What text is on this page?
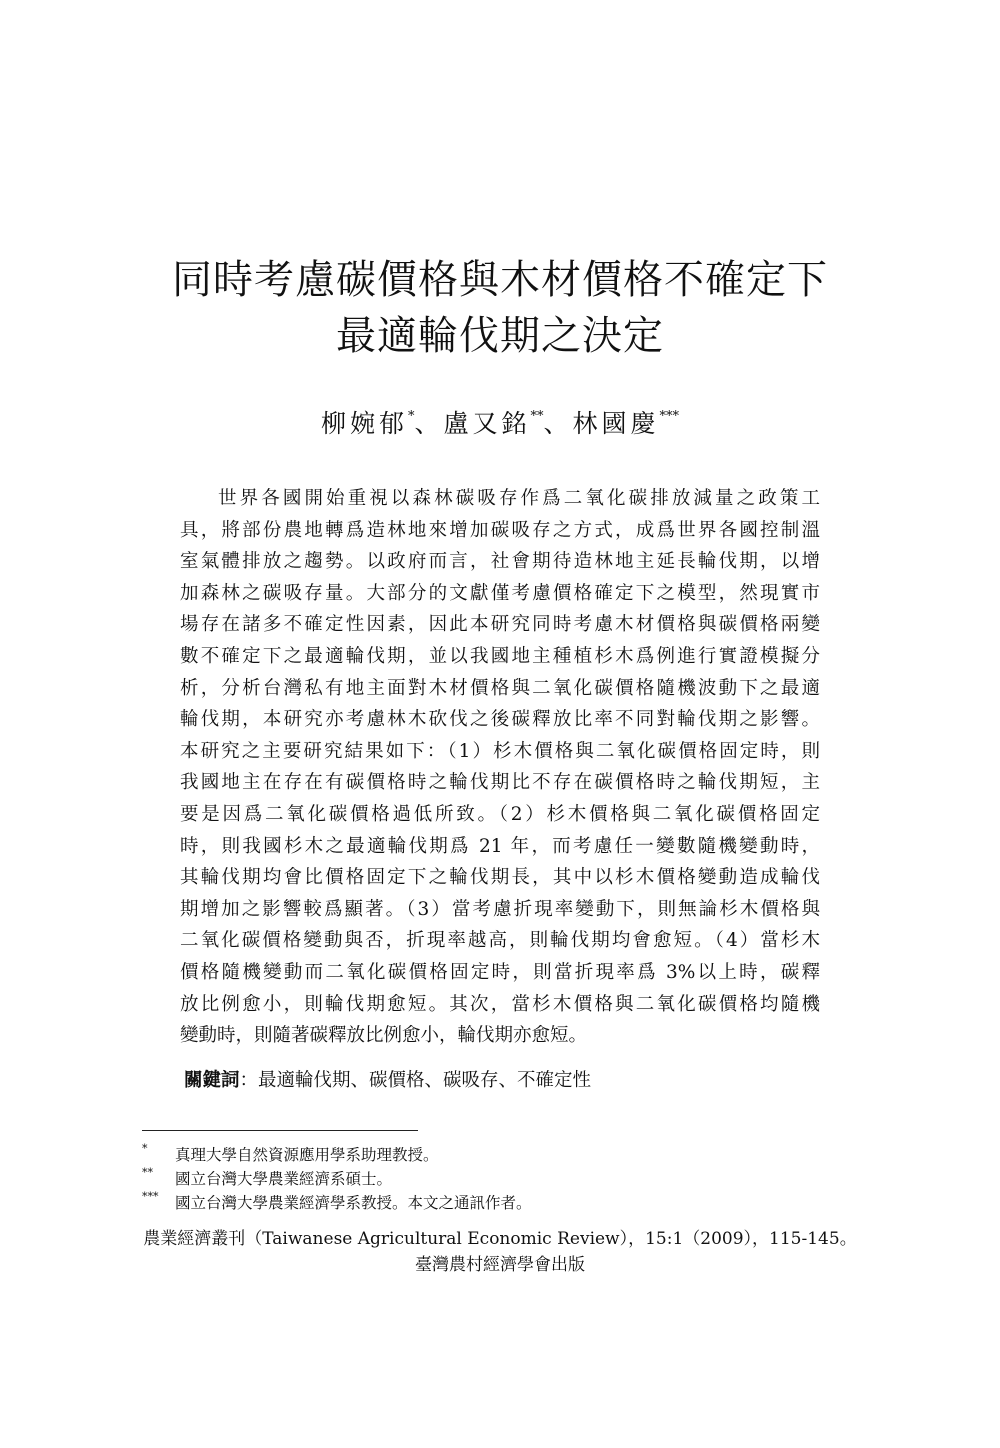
同時考慮碳價格與木材價格不確定下
最適輪伐期之決定
柳婉郁*、盧又銘**、林國慶***
世界各國開始重視以森林碳吸存作爲二氧化碳排放減量之政策工
具，將部份農地轉爲造林地來增加碳吸存之方式，成爲世界各國控制溫
室氣體排放之趨勢。以政府而言，社會期待造林地主延長輪伐期，以增
加森林之碳吸存量。大部分的文獻僅考慮價格確定下之模型，然現實市
場存在諸多不確定性因素，因此本研究同時考慮木材價格與碳價格兩變
數不確定下之最適輪伐期，並以我國地主種植杉木爲例進行實證模擬分
析，分析台灣私有地主面對木材價格與二氧化碳價格隨機波動下之最適
輪伐期，本研究亦考慮林木砍伐之後碳釋放比率不同對輪伐期之影響。
本研究之主要研究結果如下：（1）杉木價格與二氧化碳價格固定時，則
我國地主在存在有碳價格時之輪伐期比不存在碳價格時之輪伐期短，主
要是因爲二氧化碳價格過低所致。（2）杉木價格與二氧化碳價格固定
時，則我國杉木之最適輪伐期爲 21 年，而考慮任一變數隨機變動時，
其輪伐期均會比價格固定下之輪伐期長，其中以杉木價格變動造成輪伐
期增加之影響較爲顯著。（3）當考慮折現率變動下，則無論杉木價格與
二氧化碳價格變動與否，折現率越高，則輪伐期均會愈短。（4）當杉木
價格隨機變動而二氧化碳價格固定時，則當折現率爲 3%以上時，碳釋
放比例愈小，則輪伐期愈短。其次，當杉木價格與二氧化碳價格均隨機
變動時，則隨著碳釋放比例愈小，輪伐期亦愈短。
關鍵詞：最適輪伐期、碳價格、碳吸存、不確定性
* 真理大學自然資源應用學系助理教授。
** 國立台灣大學農業經濟系碩士。
*** 國立台灣大學農業經濟學系教授。本文之通訊作者。
農業經濟叢刊（Taiwanese Agricultural Economic Review），15:1（2009），115-145。
臺灣農村經濟學會出版
